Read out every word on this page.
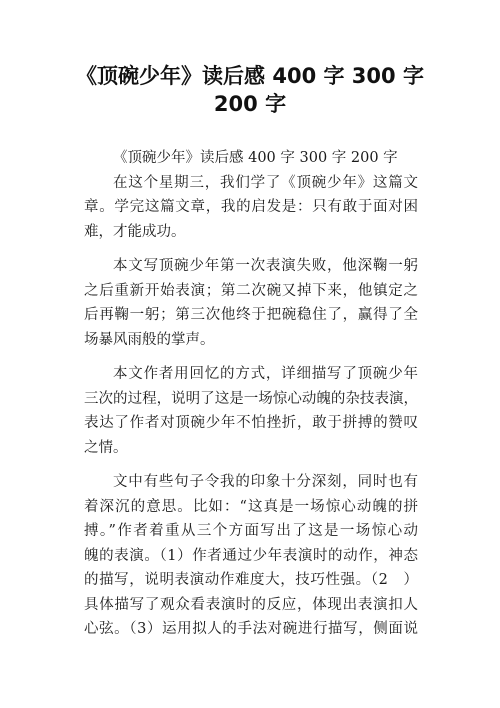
《顶碗少年》读后感 400 字 300 字
200 字
《顶碗少年》读后感 400 字 300 字 200 字
在这个星期三，我们学了《顶碗少年》这篇文
章。学完这篇文章，我的启发是：只有敢于面对困
难，才能成功。
本文写顶碗少年第一次表演失败，他深鞠一躬
之后重新开始表演；第二次碗又掉下来，他镇定之
后再鞠一躬；第三次他终于把碗稳住了，赢得了全
场暴风雨般的掌声。
本文作者用回忆的方式，详细描写了顶碗少年
三次的过程，说明了这是一场惊心动魄的杂技表演，
表达了作者对顶碗少年不怕挫折，敢于拼搏的赞叹
之情。
文中有些句子令我的印象十分深刻，同时也有
着深沉的意思。比如：“这真是一场惊心动魄的拼
搏。”作者着重从三个方面写出了这是一场惊心动
魄的表演。（1）作者通过少年表演时的动作，神态
的描写，说明表演动作难度大，技巧性强。（2　）
具体描写了观众看表演时的反应，体现出表演扣人
心弦。（3）运用拟人的手法对碗进行描写，侧面说
